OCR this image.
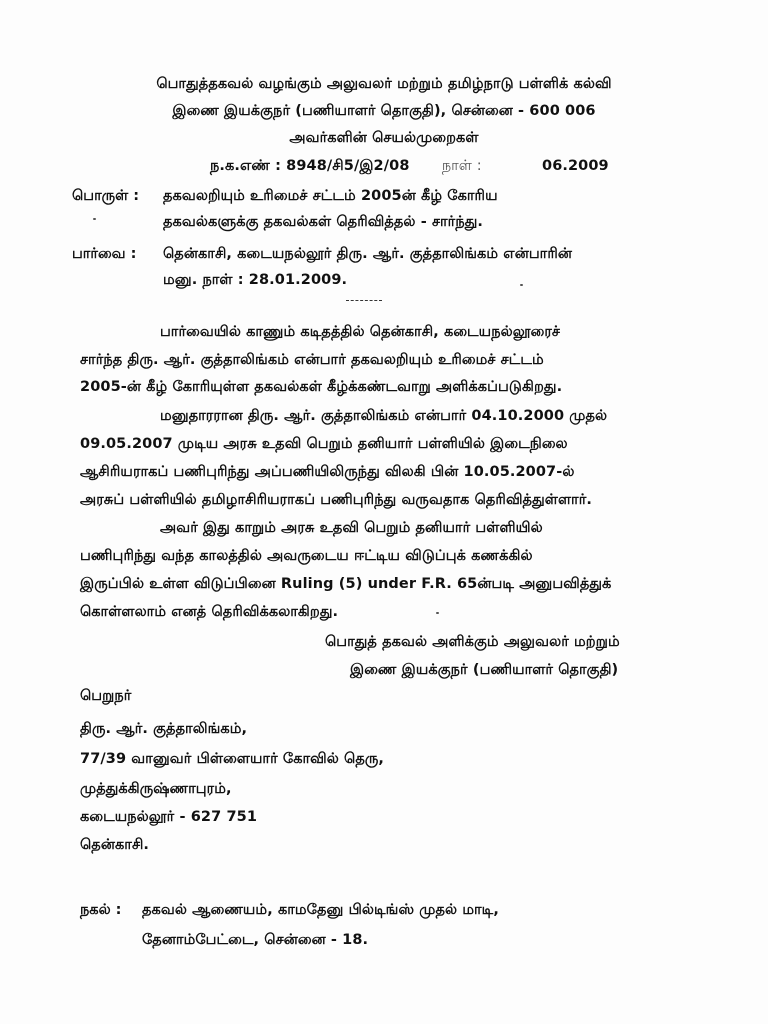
பொதுத்தகவல் வழங்கும் அலுவலர் மற்றும் தமிழ்நாடு பள்ளிக் கல்வி
இணை இயக்குநர் (பணியாளர் தொகுதி), சென்னை - 600 006
அவர்களின் செயல்முறைகள்
ந.க.எண் : 8948/சி5/இ2/08 நாள் :	06.2009
பொருள் : தகவலறியும் உரிமைச் சட்டம் 2005ன் கீழ் கோரிய
தகவல்களுக்கு தகவல்கள் தெரிவித்தல் - சார்ந்து.
பார்வை : தென்காசி, கடையநல்லூர் திரு. ஆர். குத்தாலிங்கம் என்பாரின்
மனு. நாள் : 28.01.2009.
பார்வையில் காணும் கடிதத்தில் தென்காசி, கடையநல்லூரைச்
சார்ந்த திரு. ஆர். குத்தாலிங்கம் என்பார் தகவலறியும் உரிமைச் சட்டம்
2005-ன் கீழ் கோரியுள்ள தகவல்கள் கீழ்க்கண்டவாறு அளிக்கப்படுகிறது.
மனுதாரரான திரு. ஆர். குத்தாலிங்கம் என்பார் 04.10.2000 முதல்
09.05.2007 முடிய அரசு உதவி பெறும் தனியார் பள்ளியில் இடைநிலை
ஆசிரியராகப் பணிபுரிந்து அப்பணியிலிருந்து விலகி பின் 10.05.2007-ல்
அரசுப் பள்ளியில் தமிழாசிரியராகப் பணிபுரிந்து வருவதாக தெரிவித்துள்ளார்.
அவர் இது காறும் அரசு உதவி பெறும் தனியார் பள்ளியில்
பணிபுரிந்து வந்த காலத்தில் அவருடைய ஈட்டிய விடுப்புக் கணக்கில்
இருப்பில் உள்ள விடுப்பினை Ruling (5) under F.R. 65ன்படி அனுபவித்துக்
கொள்ளலாம் எனத் தெரிவிக்கலாகிறது.
பொதுத் தகவல் அளிக்கும் அலுவலர் மற்றும்
இணை இயக்குநர் (பணியாளர் தொகுதி)
பெறுநர்
திரு. ஆர். குத்தாலிங்கம்,
77/39 வானுவர் பிள்ளையார் கோவில் தெரு,
முத்துக்கிருஷ்ணாபுரம்,
கடையநல்லூர் - 627 751
தென்காசி.
நகல் : தகவல் ஆணையம், காமதேனு பில்டிங்ஸ் முதல் மாடி,
தேனாம்பேட்டை, சென்னை - 18.
